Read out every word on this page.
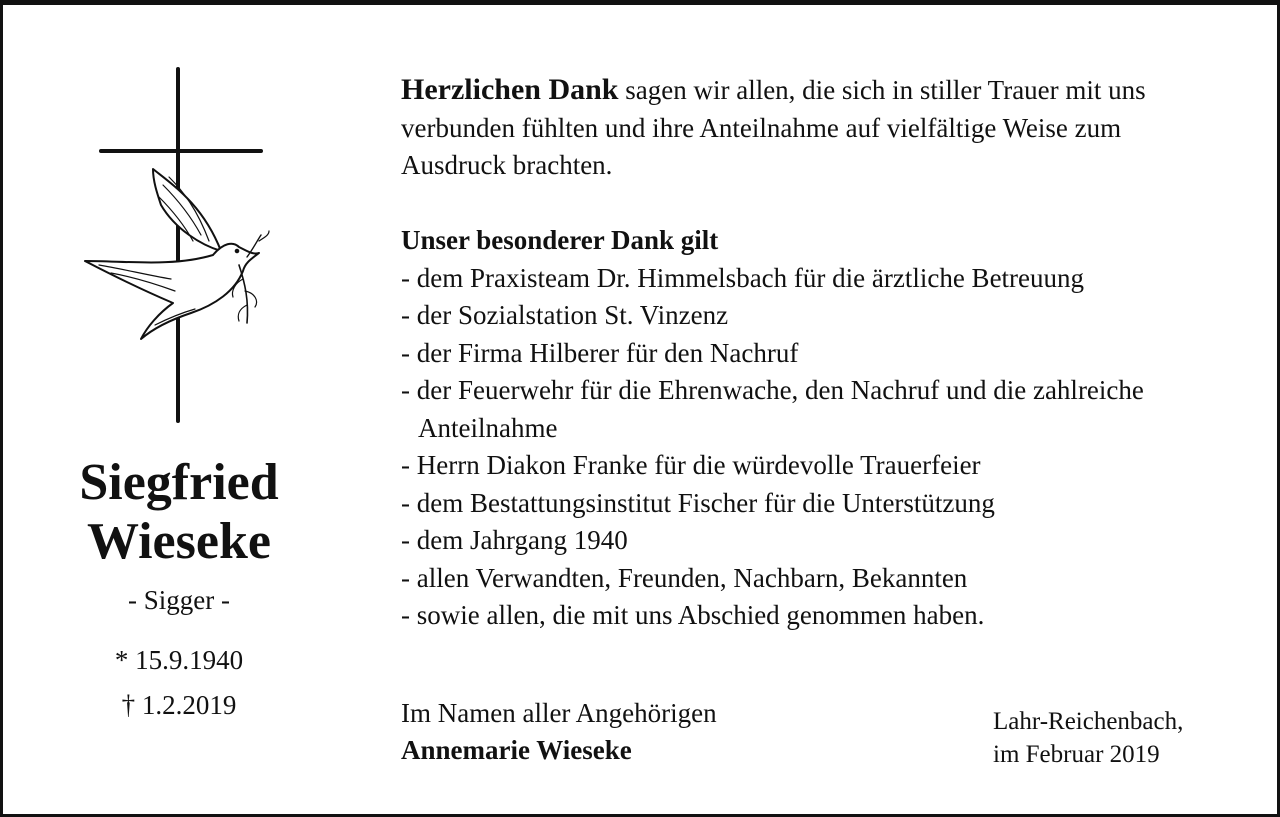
Siegfried
Wieseke
- Sigger -
* 15.9.1940
† 1.2.2019
Herzlichen Dank sagen wir allen, die sich in stiller Trauer mit uns verbunden fühlten und ihre Anteilnahme auf vielfältige Weise zum Ausdruck brachten.
Unser besonderer Dank gilt
- dem Praxisteam Dr. Himmelsbach für die ärztliche Betreuung
- der Sozialstation St. Vinzenz
- der Firma Hilberer für den Nachruf
- der Feuerwehr für die Ehrenwache, den Nachruf und die zahlreiche Anteilnahme
- Herrn Diakon Franke für die würdevolle Trauerfeier
- dem Bestattungsinstitut Fischer für die Unterstützung
- dem Jahrgang 1940
- allen Verwandten, Freunden, Nachbarn, Bekannten
- sowie allen, die mit uns Abschied genommen haben.
Im Namen aller Angehörigen
Annemarie Wieseke
Lahr-Reichenbach,
im Februar 2019
